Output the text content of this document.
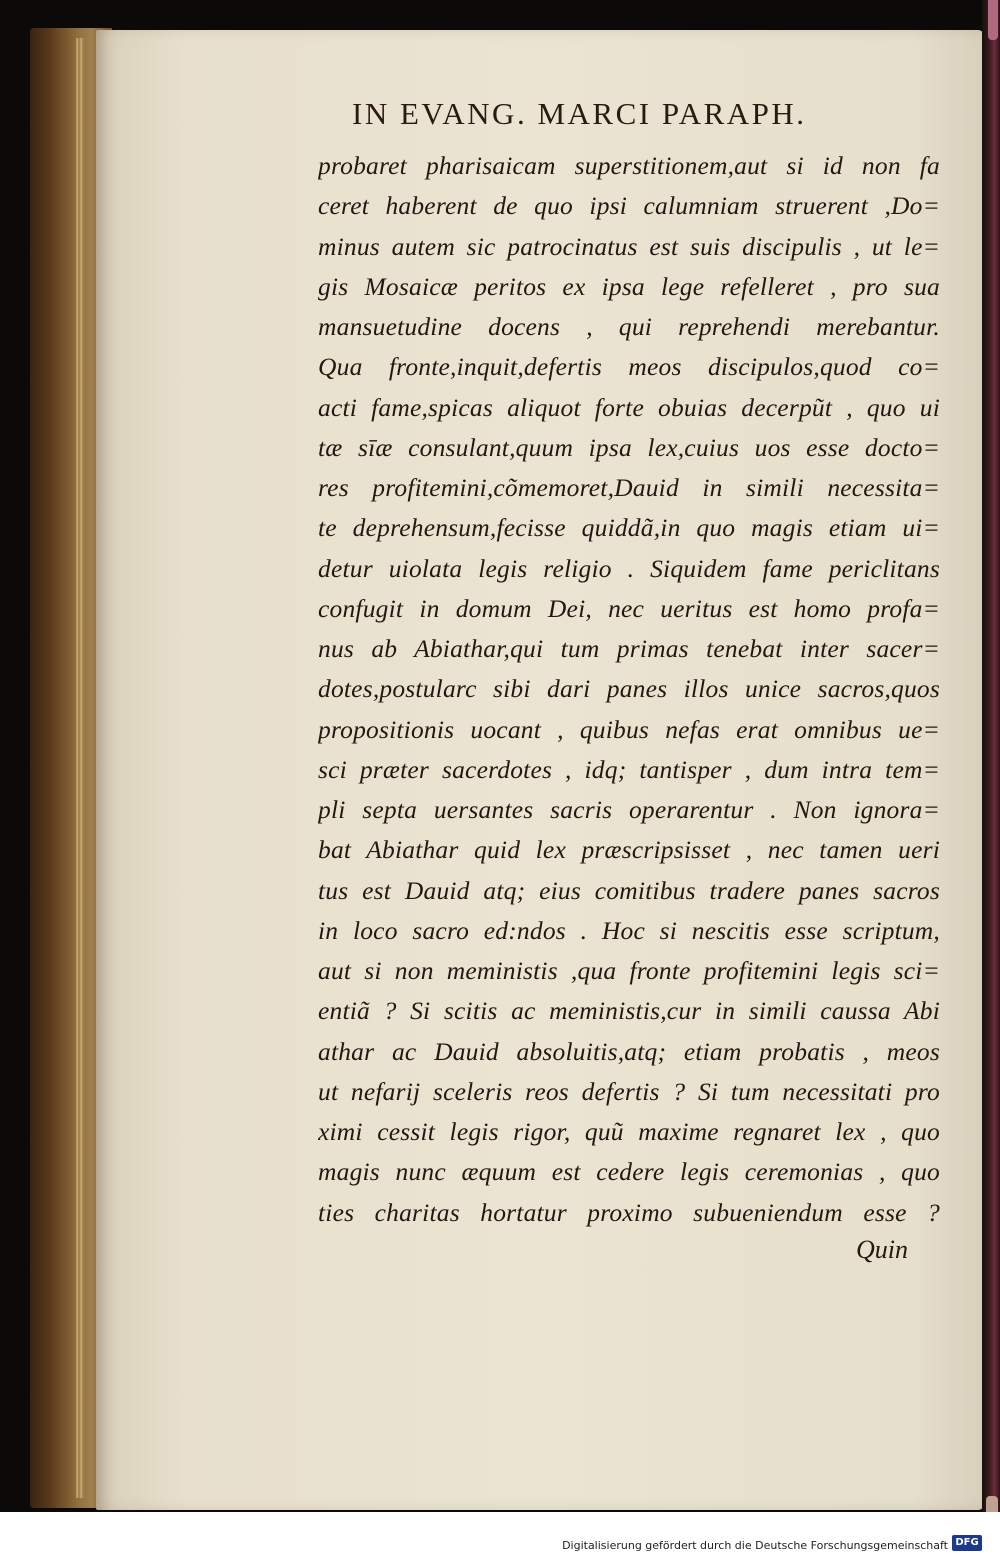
IN EVANG. MARCI PARAPH.
probaret pharisaicam superstitionem,aut si id non fa
ceret haberent de quo ipsi calumniam struerent ,Do=
minus autem sic patrocinatus est suis discipulis , ut le=
gis Mosaicæ peritos ex ipsa lege refelleret , pro sua
mansuetudine docens , qui reprehendi merebantur.
Qua fronte,inquit,defertis meos discipulos,quod co=
acti fame,spicas aliquot forte obuias decerpũt , quo ui
tæ sīæ consulant,quum ipsa lex,cuius uos esse docto=
res profitemini,cõmemoret,Dauid in simili necessita=
te deprehensum,fecisse quiddã,in quo magis etiam ui=
detur uiolata legis religio . Siquidem fame periclitans
confugit in domum Dei, nec ueritus est homo profa=
nus ab Abiathar,qui tum primas tenebat inter sacer=
dotes,postularc sibi dari panes illos unice sacros,quos
propositionis uocant , quibus nefas erat omnibus ue=
sci præter sacerdotes , idq; tantisper , dum intra tem=
pli septa uersantes sacris operarentur . Non ignora=
bat Abiathar quid lex præscripsisset , nec tamen ueri
tus est Dauid atq; eius comitibus tradere panes sacros
in loco sacro ed:ndos . Hoc si nescitis esse scriptum,
aut si non meministis ,qua fronte profitemini legis sci=
entiã ? Si scitis ac meministis,cur in simili caussa Abi
athar ac Dauid absoluitis,atq; etiam probatis , meos
ut nefarij sceleris reos defertis ? Si tum necessitati pro
ximi cessit legis rigor, quũ maxime regnaret lex , quo
magis nunc æquum est cedere legis ceremonias , quo
ties charitas hortatur proximo subueniendum esse ?
Quin
Digitalisierung gefördert durch die Deutsche Forschungsgemeinschaft DFG
